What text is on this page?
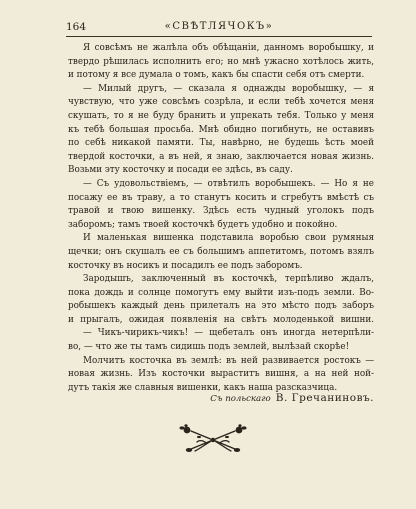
164	«СВѢТЛЯЧОКЪ»
Я совсѣмъ не жалѣла объ обѣщаніи, данномъ воробышку, и
твердо рѣшилась исполнить его; но мнѣ ужасно хотѣлось жить,
и потому я все думала о томъ, какъ бы спасти себя отъ смерти.
— Милый другъ, — сказала я однажды воробышку, — я
чувствую, что уже совсѣмъ созрѣла, и если тебѣ хочется меня
скушать, то я не буду бранить и упрекать тебя. Только у меня
къ тебѣ большая просьба. Мнѣ обидно погибнуть, не оставивъ
по себѣ никакой памяти. Ты, навѣрно, не будешь ѣсть моей
твердой косточки, а въ ней, я знаю, заключается новая жизнь.
Возьми эту косточку и посади ее здѣсь, въ саду.
— Съ удовольствіемъ, — отвѣтилъ воробышекъ. — Но я не
посажу ее въ траву, а то станутъ косить и сгребутъ вмѣстѣ съ
травой и твою вишенку. Здѣсь есть чудный уголокъ подъ
заборомъ; тамъ твоей косточкѣ будетъ удобно и покойно.
И маленькая вишенка подставила воробью свои румяныя
щечки; онъ скушалъ ее съ большимъ аппетитомъ, потомъ взялъ
косточку въ носикъ и посадилъ ее подъ заборомъ.
Зародышъ, заключенный въ косточкѣ, терпѣливо ждалъ,
пока дождь и солнце помогутъ ему выйти изъ-подъ земли. Во-
робышекъ каждый день прилеталъ на это мѣсто подъ заборъ
и прыгалъ, ожидая появленія на свѣтъ молоденькой вишни.
— Чикъ-чирикъ-чикъ! — щебеталъ онъ иногда нетерпѣли-
во, — что же ты тамъ сидишь подъ землей, вылѣзай скорѣе!
Молчитъ косточка въ землѣ: въ ней развивается ростокъ —
новая жизнь. Изъ косточки выраститъ вишня, а на ней ной-
дутъ такія же славныя вишенки, какъ наша разсказчица.
Съ польскаго В. Гречаниновъ.
